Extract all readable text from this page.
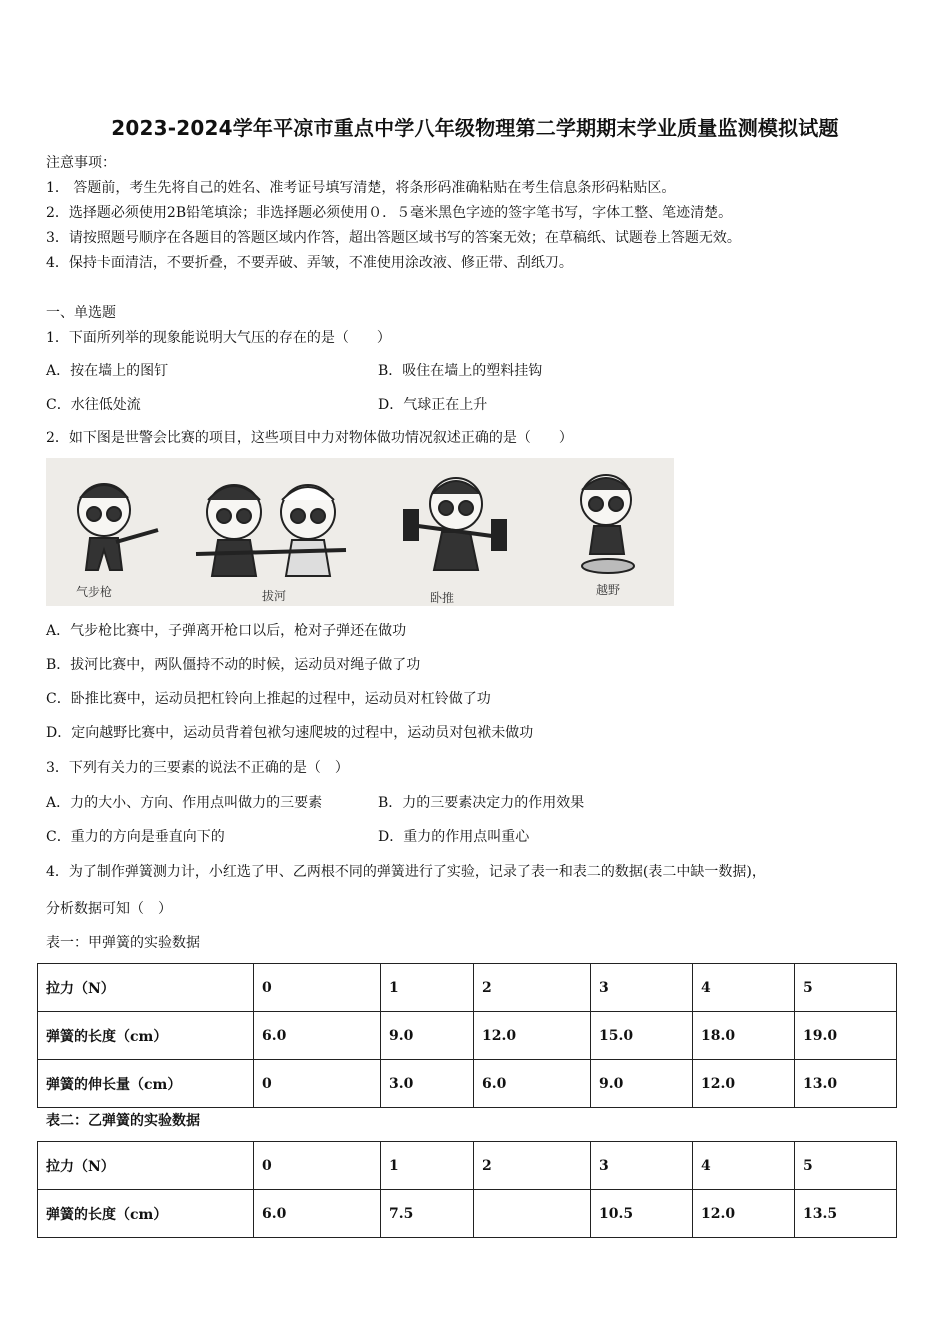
2023-2024学年平凉市重点中学八年级物理第二学期期末学业质量监测模拟试题
注意事项：
1． 答题前，考生先将自己的姓名、准考证号填写清楚，将条形码准确粘贴在考生信息条形码粘贴区。
2．选择题必须使用2B铅笔填涂；非选择题必须使用０．５毫米黑色字迹的签字笔书写，字体工整、笔迹清楚。
3．请按照题号顺序在各题目的答题区域内作答，超出答题区域书写的答案无效；在草稿纸、试题卷上答题无效。
4．保持卡面清洁，不要折叠，不要弄破、弄皱，不准使用涂改液、修正带、刮纸刀。
一、单选题
1．下面所列举的现象能说明大气压的存在的是（　　）
A．按在墙上的图钉	B．吸住在墙上的塑料挂钩
C．水往低处流	D．气球正在上升
2．如下图是世警会比赛的项目，这些项目中力对物体做功情况叙述正确的是（　　）
气步枪	拔河	卧推
越野
A．气步枪比赛中，子弹离开枪口以后，枪对子弹还在做功
B．拔河比赛中，两队僵持不动的时候，运动员对绳子做了功
C．卧推比赛中，运动员把杠铃向上推起的过程中，运动员对杠铃做了功
D．定向越野比赛中，运动员背着包袱匀速爬坡的过程中，运动员对包袱未做功
3．下列有关力的三要素的说法不正确的是（　）
A．力的大小、方向、作用点叫做力的三要素	B．力的三要素决定力的作用效果
C．重力的方向是垂直向下的	D．重力的作用点叫重心
4．为了制作弹簧测力计，小红选了甲、乙两根不同的弹簧进行了实验，记录了表一和表二的数据(表二中缺一数据)，
分析数据可知（　）
表一：甲弹簧的实验数据
拉力（N）	0	1	2	3	4	5
弹簧的长度（cm）	6.0	9.0	12.0	15.0	18.0	19.0
弹簧的伸长量（cm）	0	3.0	6.0	9.0	12.0	13.0
表二：乙弹簧的实验数据
拉力（N）	0	1	2	3	4	5
弹簧的长度（cm）	6.0	7.5		10.5	12.0	13.5
